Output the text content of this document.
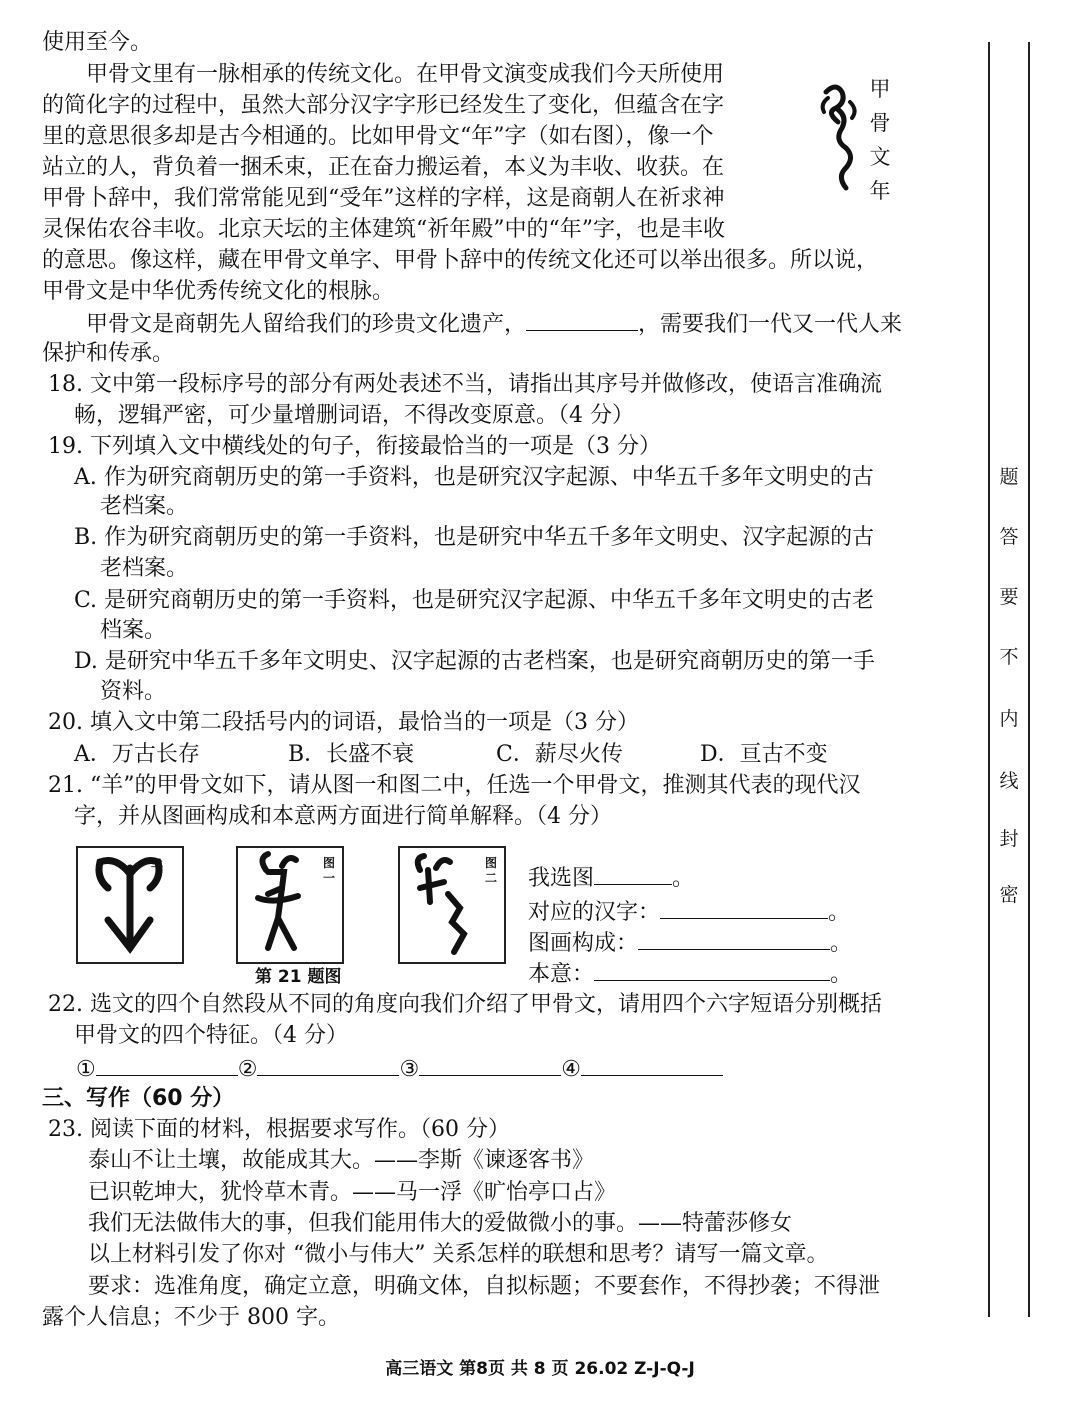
使用至今。
甲骨文里有一脉相承的传统文化。在甲骨文演变成我们今天所使用
的简化字的过程中，虽然大部分汉字字形已经发生了变化，但蕴含在字
里的意思很多却是古今相通的。比如甲骨文“年”字（如右图），像一个
站立的人，背负着一捆禾束，正在奋力搬运着，本义为丰收、收获。在
甲骨卜辞中，我们常常能见到“受年”这样的字样，这是商朝人在祈求神
灵保佑农谷丰收。北京天坛的主体建筑“祈年殿”中的“年”字，也是丰收
的意思。像这样，藏在甲骨文单字、甲骨卜辞中的传统文化还可以举出很多。所以说，
甲骨文是中华优秀传统文化的根脉。
甲骨文是商朝先人留给我们的珍贵文化遗产，	，需要我们一代又一代人来
保护和传承。
甲
骨
文
年
18. 文中第一段标序号的部分有两处表述不当，请指出其序号并做修改，使语言准确流
畅，逻辑严密，可少量增删词语，不得改变原意。（4 分）
19. 下列填入文中横线处的句子，衔接最恰当的一项是（3 分）
A. 作为研究商朝历史的第一手资料，也是研究汉字起源、中华五千多年文明史的古
老档案。
B. 作为研究商朝历史的第一手资料，也是研究中华五千多年文明史、汉字起源的古
老档案。
C. 是研究商朝历史的第一手资料，也是研究汉字起源、中华五千多年文明史的古老
档案。
D. 是研究中华五千多年文明史、汉字起源的古老档案，也是研究商朝历史的第一手
资料。
20. 填入文中第二段括号内的词语，最恰当的一项是（3 分）
A．万古长存	B．长盛不衰	C．薪尽火传	D．亘古不变
21. “羊”的甲骨文如下，请从图一和图二中，任选一个甲骨文，推测其代表的现代汉
字，并从图画构成和本意两方面进行简单解释。（4 分）
羊	图
一
图
二
第 21 题图
我选图	。
对应的汉字：	。
图画构成：	。
本意：	。
22. 选文的四个自然段从不同的角度向我们介绍了甲骨文，请用四个六字短语分别概括
甲骨文的四个特征。（4 分）
①	②	③	④
三、写作（60 分）
23. 阅读下面的材料，根据要求写作。（60 分）
泰山不让土壤，故能成其大。——李斯《谏逐客书》
已识乾坤大，犹怜草木青。——马一浮《旷怡亭口占》
我们无法做伟大的事，但我们能用伟大的爱做微小的事。——特蕾莎修女
以上材料引发了你对 “微小与伟大” 关系怎样的联想和思考？请写一篇文章。
要求：选准角度，确定立意，明确文体，自拟标题；不要套作，不得抄袭；不得泄
露个人信息；不少于 800 字。
密
封
线
内
不
要
答
题
高三语文 第8页 共 8 页 26.02 Z-J-Q-J
